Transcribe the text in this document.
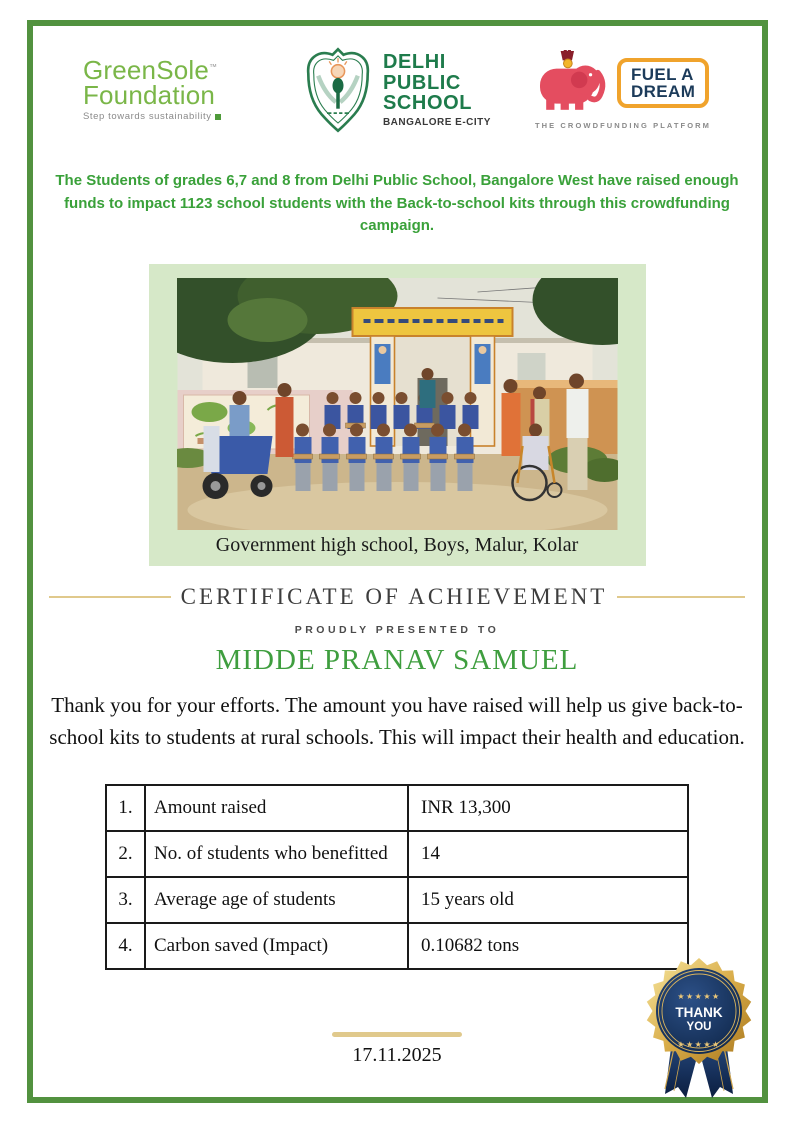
GreenSole™
Foundation
Step towards sustainability
DELHI
PUBLIC
SCHOOL
BANGALORE E-CITY
FUEL A
DREAM
THE CROWDFUNDING PLATFORM

The Students of grades 6,7 and 8 from Delhi Public School, Bangalore West have raised enough funds to impact 1123 school students with the Back-to-school kits through this crowdfunding campaign.

Government high school, Boys, Malur, Kolar
CERTIFICATE OF ACHIEVEMENT
PROUDLY PRESENTED TO
MIDDE PRANAV SAMUEL

Thank you for your efforts. The amount you have raised will help us give back-to-school kits to students at rural schools. This will impact their health and education.

1.	Amount raised	INR 13,300
2.	No. of students who benefitted	14
3.	Average age of students	15 years old
4.	Carbon saved (Impact)	0.10682 tons
17.11.2025
★★★★★
THANK
YOU
★★★★★
